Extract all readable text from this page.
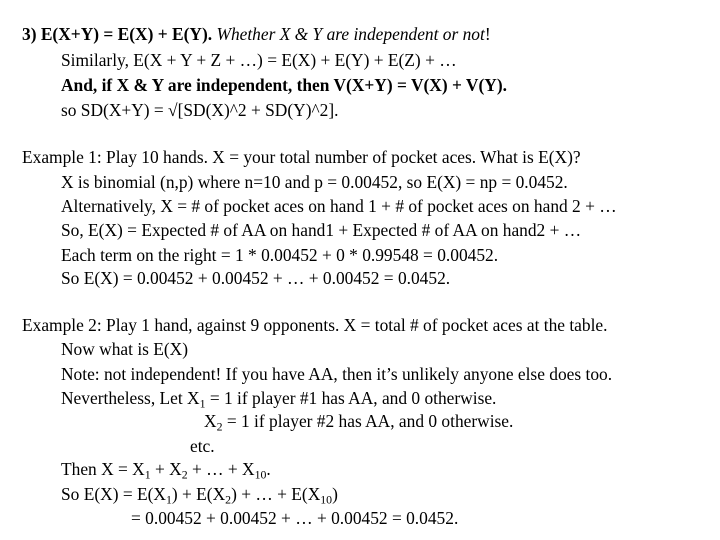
3) E(X+Y) = E(X) + E(Y). Whether X & Y are independent or not!
Similarly, E(X + Y + Z + …) = E(X) + E(Y) + E(Z) + …
And, if X & Y are independent, then V(X+Y) = V(X) + V(Y).
so SD(X+Y) = √[SD(X)^2 + SD(Y)^2].
Example 1: Play 10 hands. X = your total number of pocket aces. What is E(X)?
X is binomial (n,p) where n=10 and p = 0.00452, so E(X) = np = 0.0452.
Alternatively, X = # of pocket aces on hand 1 + # of pocket aces on hand 2 + …
So, E(X) = Expected # of AA on hand1 + Expected # of AA on hand2 + …
Each term on the right = 1 * 0.00452 + 0 * 0.99548 = 0.00452.
So E(X) = 0.00452 + 0.00452 + … + 0.00452 = 0.0452.
Example 2: Play 1 hand, against 9 opponents. X = total # of pocket aces at the table.
Now what is E(X)
Note: not independent! If you have AA, then it’s unlikely anyone else does too.
Nevertheless, Let $X_1 = 1$ if player #1 has AA, and 0 otherwise.
$X_2 = 1$ if player #2 has AA, and 0 otherwise.
etc.
Then $X = X_1 + X_2$ + … + $X_{10}$.
So $E(X) = E(X_1) + E(X_2)$ + … + $E(X_{10})$
= 0.00452 + 0.00452 + … + 0.00452 = 0.0452.
